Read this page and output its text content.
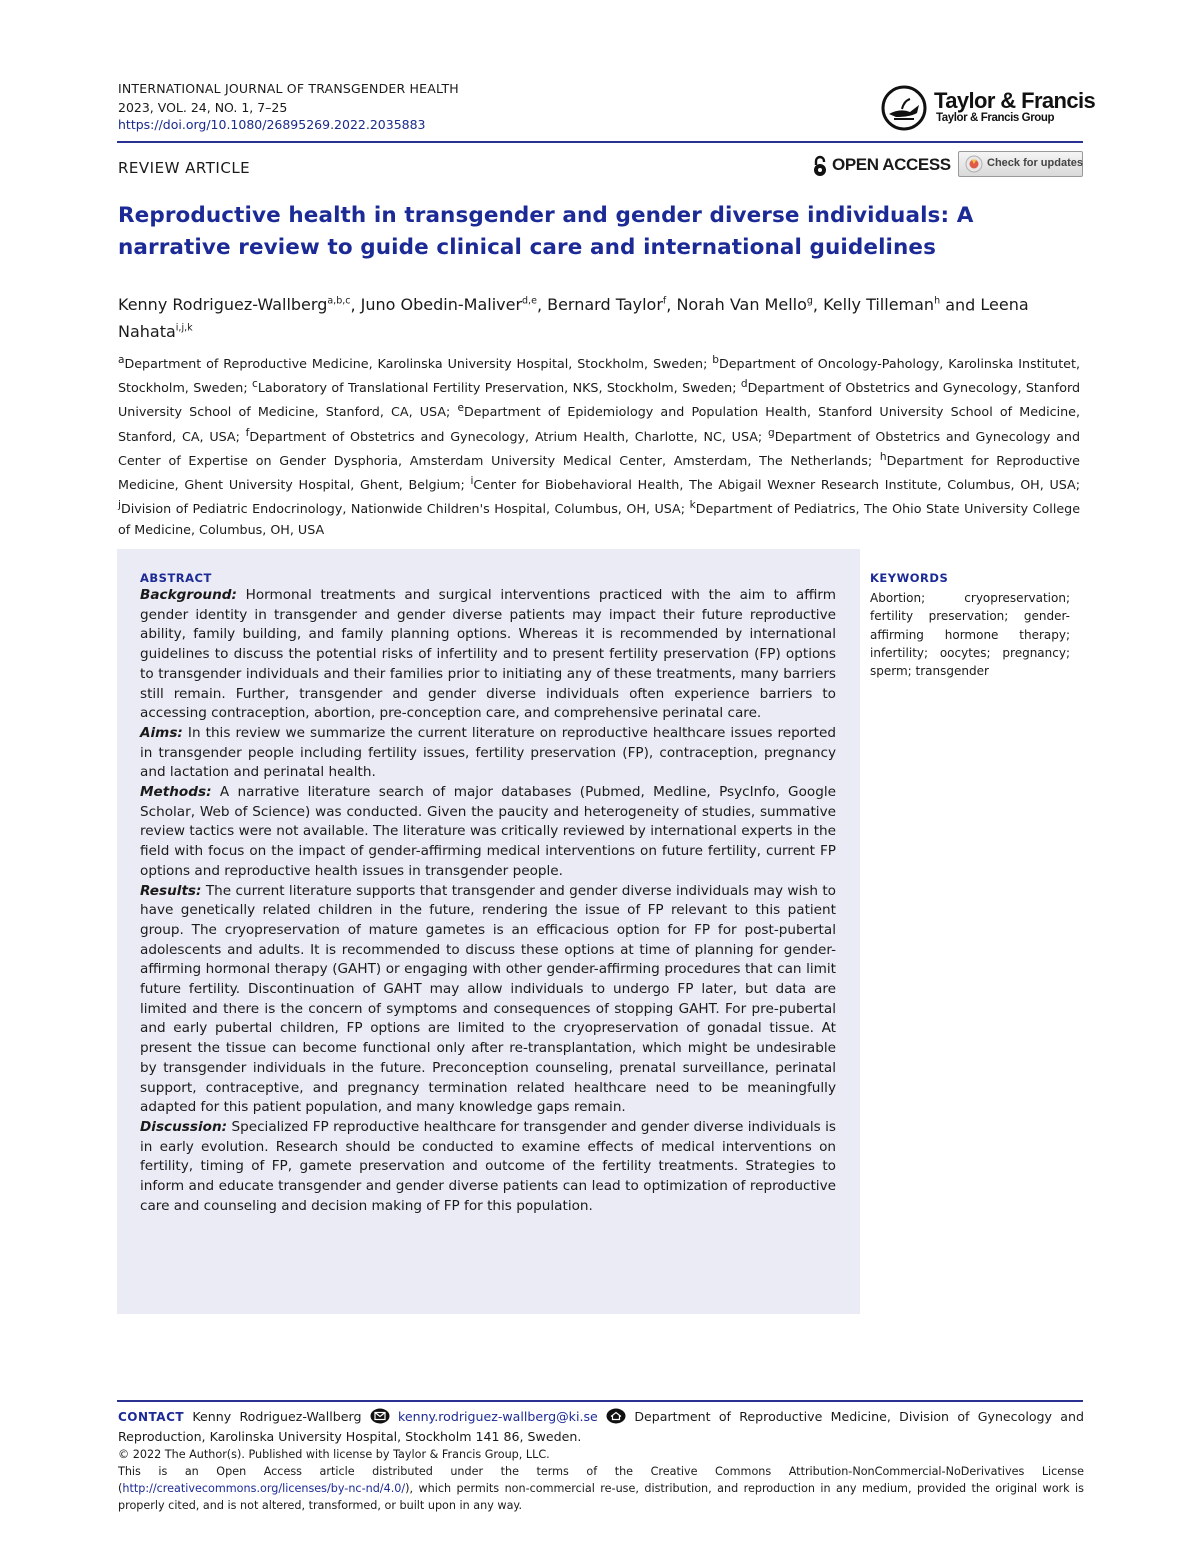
INTERNATIONAL JOURNAL OF TRANSGENDER HEALTH
2023, VOL. 24, NO. 1, 7–25
https://doi.org/10.1080/26895269.2022.2035883
Taylor & Francis
Taylor & Francis Group
REVIEW ARTICLE	OPEN ACCESS	Check for updates
Reproductive health in transgender and gender diverse individuals: A narrative review to guide clinical care and international guidelines

Kenny Rodriguez-Wallberg$^{a,b,c}$, Juno Obedin-Maliver$^{d,e}$, Bernard Taylor$^f$, Norah Van Mello$^g$, Kelly Tilleman$^h$ and Leena Nahata$^{i,j,k}$

$^a$Department of Reproductive Medicine, Karolinska University Hospital, Stockholm, Sweden; $^b$Department of Oncology-Pahology, Karolinska Institutet, Stockholm, Sweden; $^c$Laboratory of Translational Fertility Preservation, NKS, Stockholm, Sweden; $^d$Department of Obstetrics and Gynecology, Stanford University School of Medicine, Stanford, CA, USA; $^e$Department of Epidemiology and Population Health, Stanford University School of Medicine, Stanford, CA, USA; $^f$Department of Obstetrics and Gynecology, Atrium Health, Charlotte, NC, USA; $^g$Department of Obstetrics and Gynecology and Center of Expertise on Gender Dysphoria, Amsterdam University Medical Center, Amsterdam, The Netherlands; $^h$Department for Reproductive Medicine, Ghent University Hospital, Ghent, Belgium; $^i$Center for Biobehavioral Health, The Abigail Wexner Research Institute, Columbus, OH, USA; $^j$Division of Pediatric Endocrinology, Nationwide Children's Hospital, Columbus, OH, USA; $^k$Department of Pediatrics, The Ohio State University College of Medicine, Columbus, OH, USA

ABSTRACT

Background: Hormonal treatments and surgical interventions practiced with the aim to affirm gender identity in transgender and gender diverse patients may impact their future reproductive ability, family building, and family planning options. Whereas it is recommended by international guidelines to discuss the potential risks of infertility and to present fertility preservation (FP) options to transgender individuals and their families prior to initiating any of these treatments, many barriers still remain. Further, transgender and gender diverse individuals often experience barriers to accessing contraception, abortion, pre-conception care, and comprehensive perinatal care.

Aims: In this review we summarize the current literature on reproductive healthcare issues reported in transgender people including fertility issues, fertility preservation (FP), contraception, pregnancy and lactation and perinatal health.

Methods: A narrative literature search of major databases (Pubmed, Medline, PsycInfo, Google Scholar, Web of Science) was conducted. Given the paucity and heterogeneity of studies, summative review tactics were not available. The literature was critically reviewed by international experts in the field with focus on the impact of gender-affirming medical interventions on future fertility, current FP options and reproductive health issues in transgender people.

Results: The current literature supports that transgender and gender diverse individuals may wish to have genetically related children in the future, rendering the issue of FP relevant to this patient group. The cryopreservation of mature gametes is an efficacious option for FP for post-pubertal adolescents and adults. It is recommended to discuss these options at time of planning for gender-affirming hormonal therapy (GAHT) or engaging with other gender-affirming procedures that can limit future fertility. Discontinuation of GAHT may allow individuals to undergo FP later, but data are limited and there is the concern of symptoms and consequences of stopping GAHT. For pre-pubertal and early pubertal children, FP options are limited to the cryopreservation of gonadal tissue. At present the tissue can become functional only after re-transplantation, which might be undesirable by transgender individuals in the future. Preconception counseling, prenatal surveillance, perinatal support, contraceptive, and pregnancy termination related healthcare need to be meaningfully adapted for this patient population, and many knowledge gaps remain.

Discussion: Specialized FP reproductive healthcare for transgender and gender diverse individuals is in early evolution. Research should be conducted to examine effects of medical interventions on fertility, timing of FP, gamete preservation and outcome of the fertility treatments. Strategies to inform and educate transgender and gender diverse patients can lead to optimization of reproductive care and counseling and decision making of FP for this population.

KEYWORDS

Abortion; cryopreservation; fertility preservation; gender-affirming hormone therapy; infertility; oocytes; pregnancy; sperm; transgender

CONTACT Kenny Rodriguez-Wallberg	kenny.rodriguez-wallberg@ki.se	Department of Reproductive Medicine, Division of Gynecology and Reproduction, Karolinska University Hospital, Stockholm 141 86, Sweden.

© 2022 The Author(s). Published with license by Taylor & Francis Group, LLC.

This is an Open Access article distributed under the terms of the Creative Commons Attribution-NonCommercial-NoDerivatives License (http://creativecommons.org/licenses/by-nc-nd/4.0/), which permits non-commercial re-use, distribution, and reproduction in any medium, provided the original work is properly cited, and is not altered, transformed, or built upon in any way.
